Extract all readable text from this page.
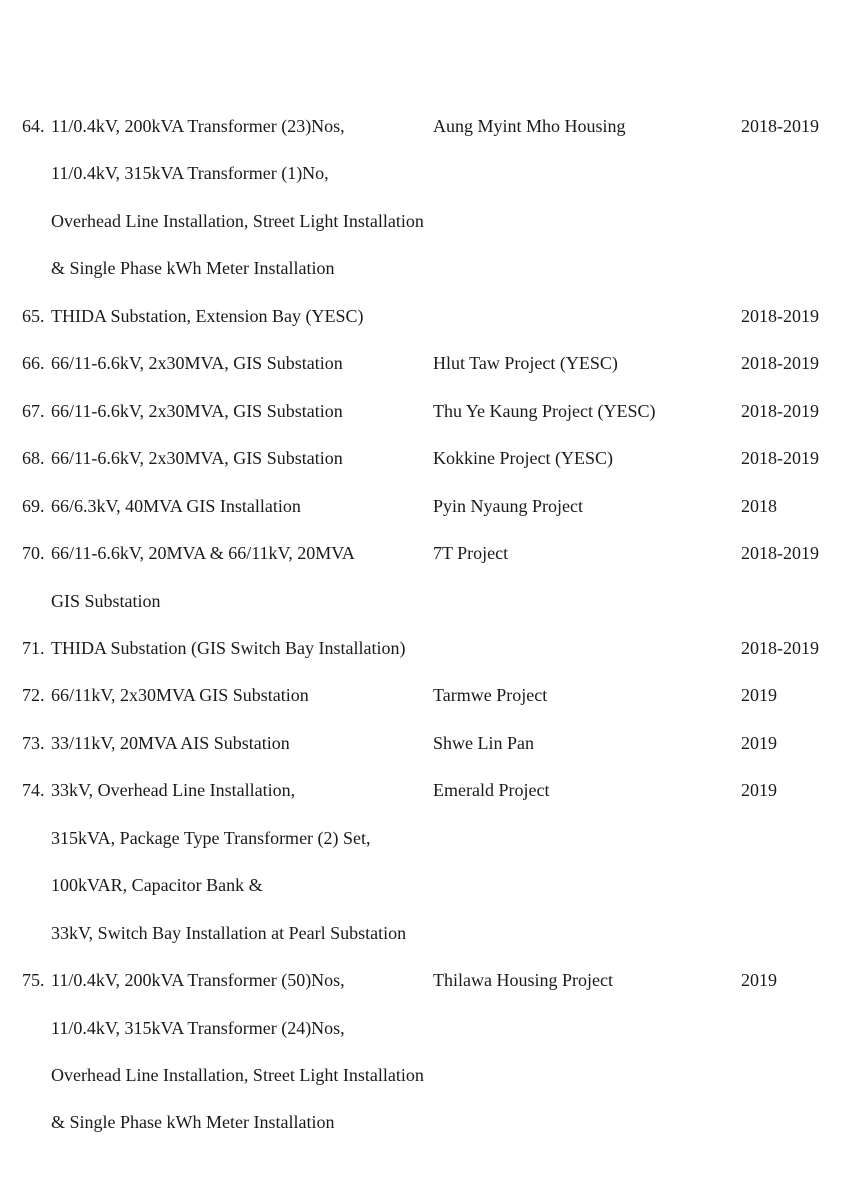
64. 11/0.4kV, 200kVA Transformer (23)Nos,	Aung Myint Mho Housing	2018-2019
11/0.4kV, 315kVA Transformer (1)No,
Overhead Line Installation, Street Light Installation
& Single Phase kWh Meter Installation
65. THIDA Substation, Extension Bay (YESC)	2018-2019
66. 66/11-6.6kV, 2x30MVA, GIS Substation	Hlut Taw Project (YESC)	2018-2019
67. 66/11-6.6kV, 2x30MVA, GIS Substation	Thu Ye Kaung Project (YESC)	2018-2019
68. 66/11-6.6kV, 2x30MVA, GIS Substation	Kokkine Project (YESC)	2018-2019
69. 66/6.3kV, 40MVA GIS Installation	Pyin Nyaung Project	2018
70. 66/11-6.6kV, 20MVA & 66/11kV, 20MVA	7T Project	2018-2019
GIS Substation
71. THIDA Substation (GIS Switch Bay Installation)	2018-2019
72. 66/11kV, 2x30MVA GIS Substation	Tarmwe Project	2019
73. 33/11kV, 20MVA AIS Substation	Shwe Lin Pan	2019
74. 33kV, Overhead Line Installation,	Emerald Project	2019
315kVA, Package Type Transformer (2) Set,
100kVAR, Capacitor Bank &
33kV, Switch Bay Installation at Pearl Substation
75. 11/0.4kV, 200kVA Transformer (50)Nos,	Thilawa Housing Project	2019
11/0.4kV, 315kVA Transformer (24)Nos,
Overhead Line Installation, Street Light Installation
& Single Phase kWh Meter Installation
